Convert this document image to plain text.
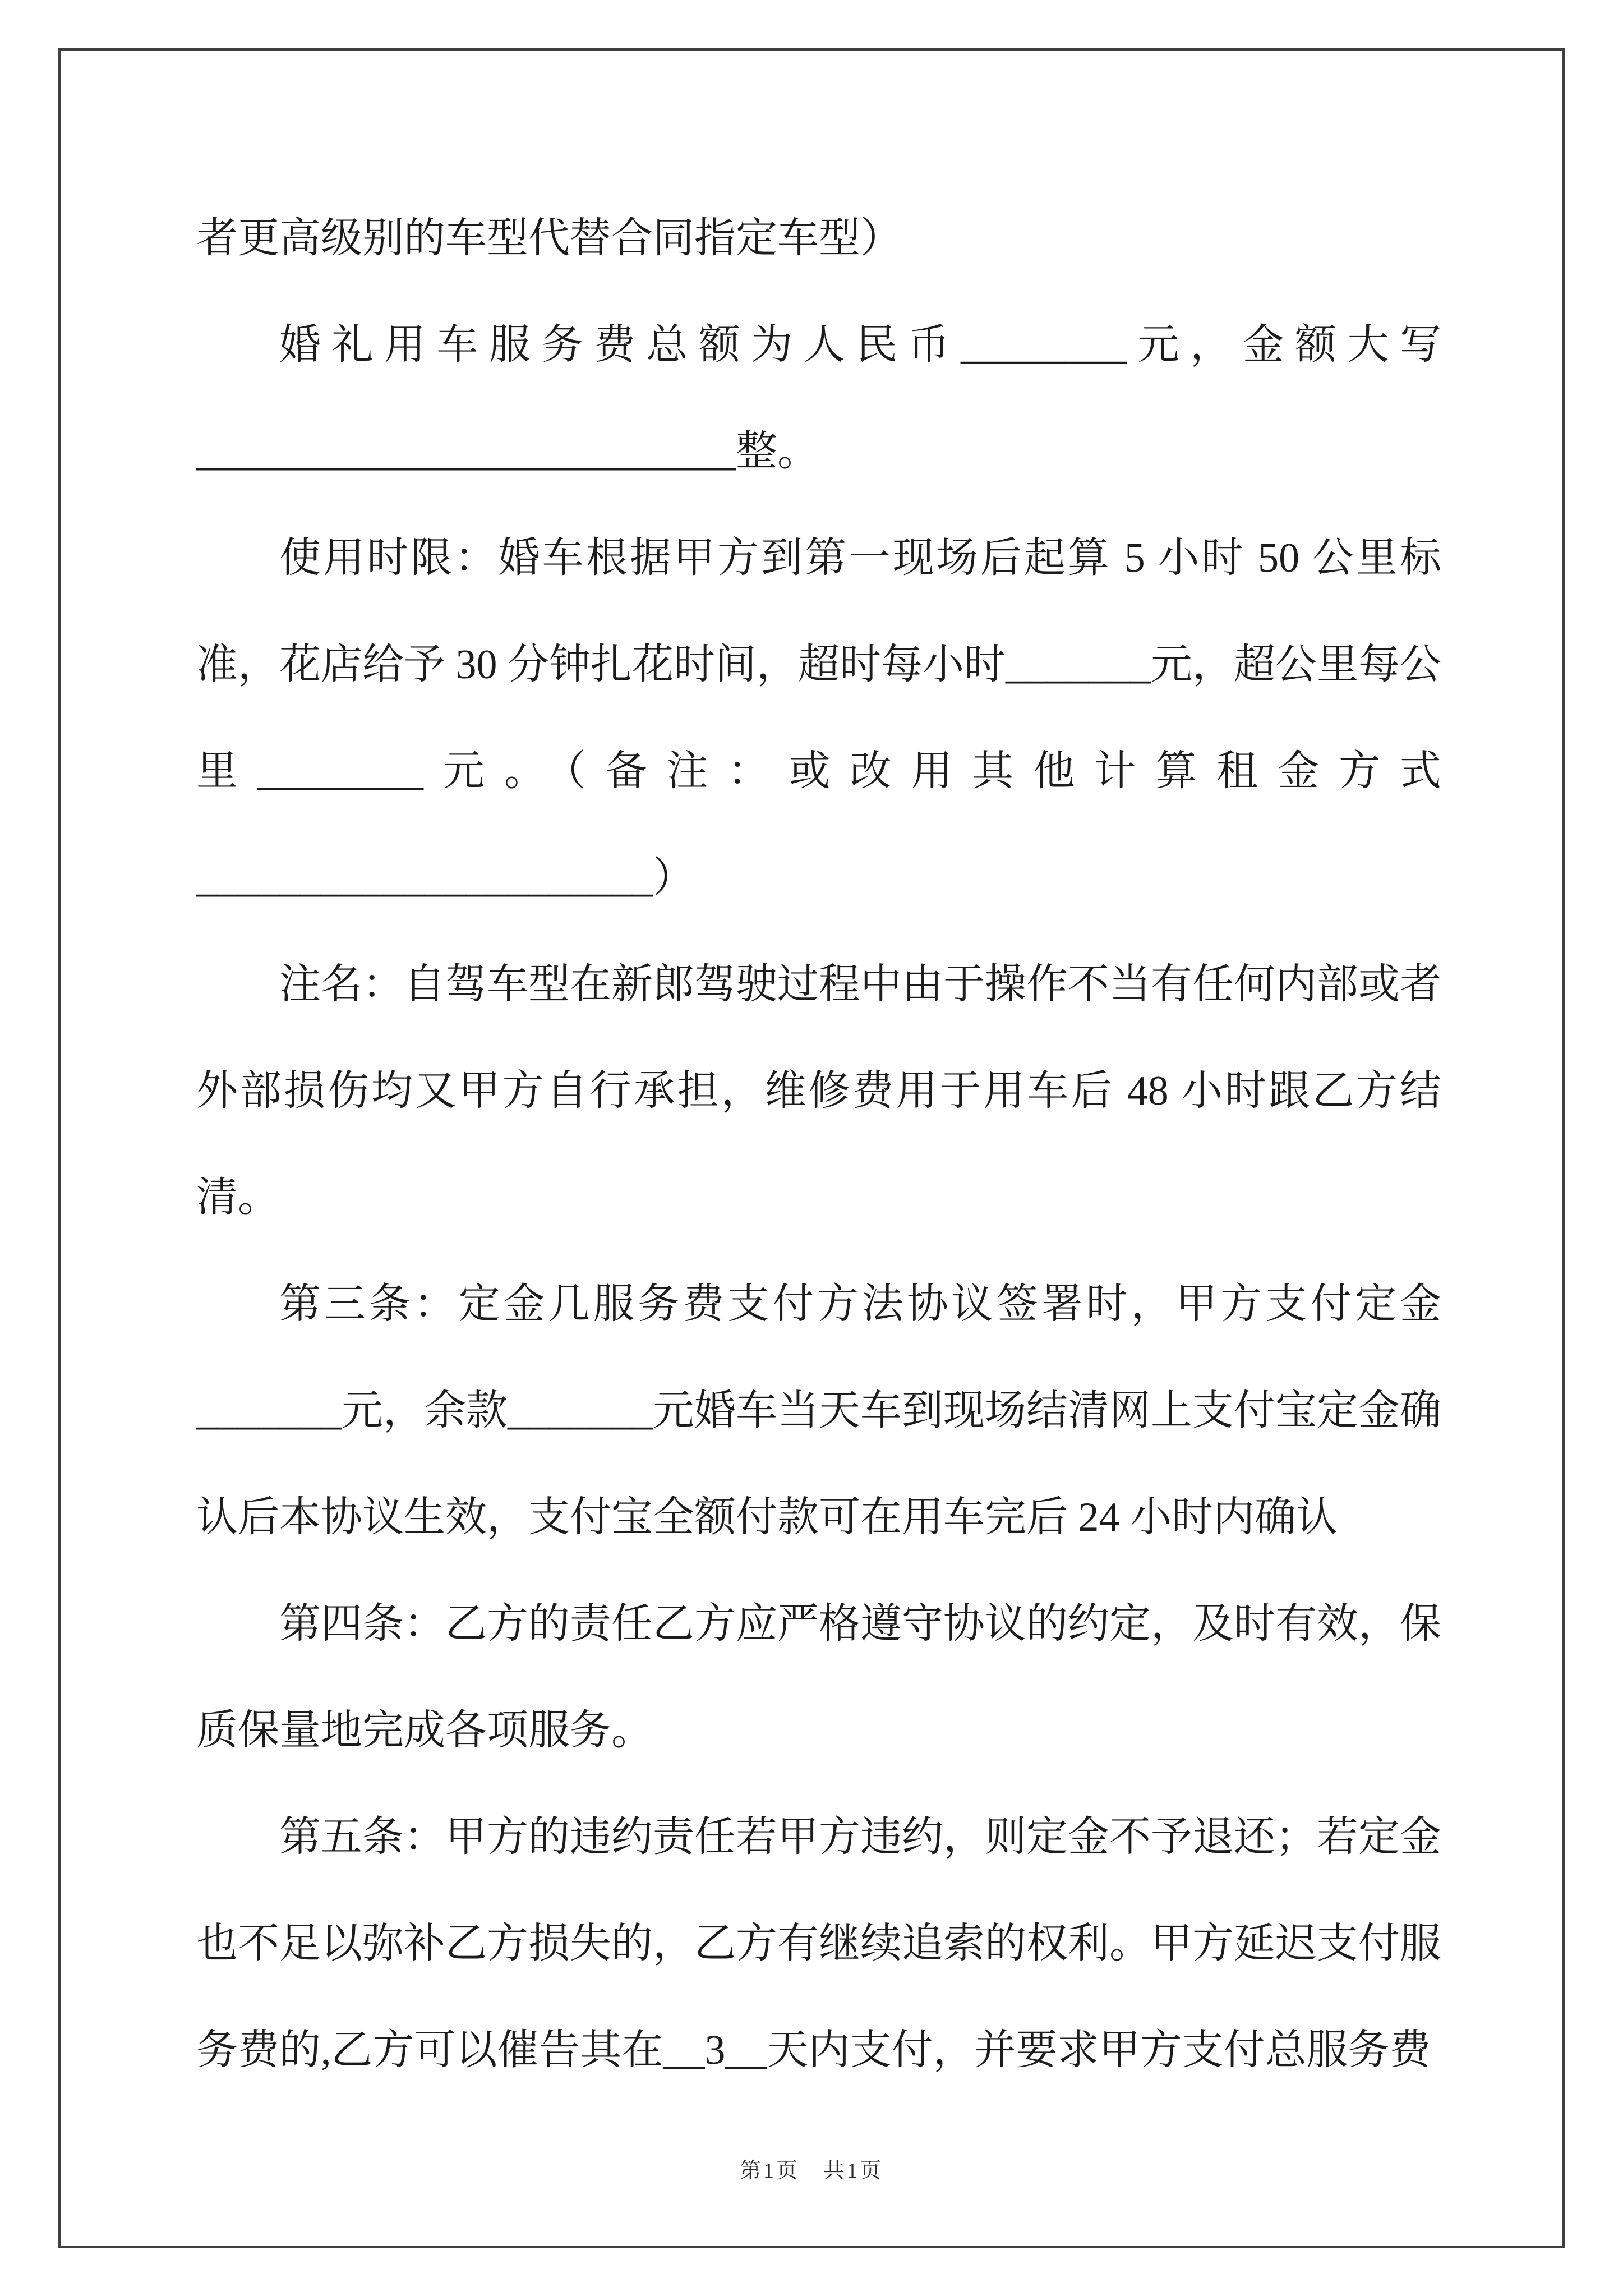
者更高级别的车型代替合同指定车型）

婚礼用车服务费总额为人民币________元，金额大写__________________________整。

使用时限：婚车根据甲方到第一现场后起算 5 小时 50 公里标准，花店给予 30 分钟扎花时间，超时每小时_______元，超公里每公里________元。（备注：或改用其他计算租金方式______________________）

注名：自驾车型在新郎驾驶过程中由于操作不当有任何内部或者外部损伤均又甲方自行承担，维修费用于用车后 48 小时跟乙方结清。

第三条：定金几服务费支付方法协议签署时，甲方支付定金_______元，余款_______元婚车当天车到现场结清网上支付宝定金确认后本协议生效，支付宝全额付款可在用车完后 24 小时内确认

第四条：乙方的责任乙方应严格遵守协议的约定，及时有效，保质保量地完成各项服务。

第五条：甲方的违约责任若甲方违约，则定金不予退还；若定金也不足以弥补乙方损失的，乙方有继续追索的权利。甲方延迟支付服务费的,乙方可以催告其在__3__天内支付，并要求甲方支付总服务费

第1页　共1页
